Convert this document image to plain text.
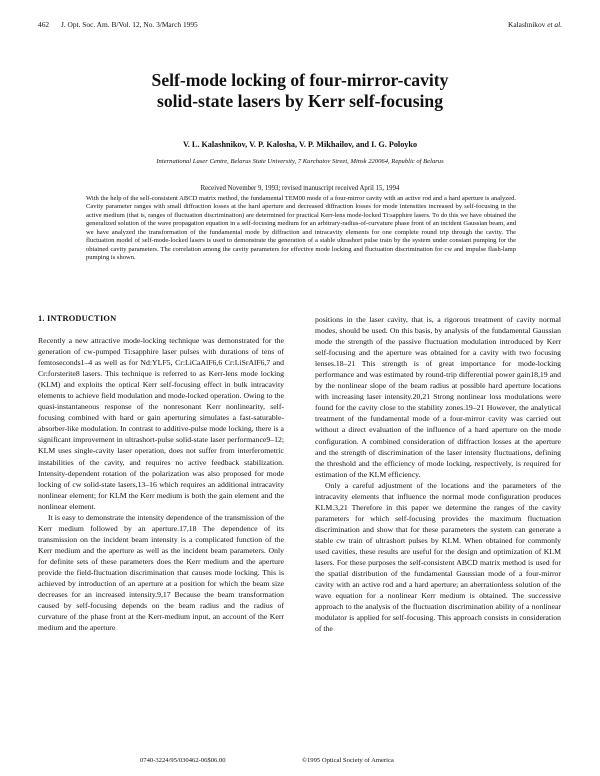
462 J. Opt. Soc. Am. B/Vol. 12, No. 3/March 1995	Kalashnikov et al.
Self-mode locking of four-mirror-cavity
solid-state lasers by Kerr self-focusing

V. L. Kalashnikov, V. P. Kalosha, V. P. Mikhailov, and I. G. Poloyko

International Laser Centre, Belarus State University, 7 Kurchatov Street, Minsk 220064, Republic of Belarus

Received November 9, 1993; revised manuscript received April 15, 1994

With the help of the self-consistent ABCD matrix method, the fundamental TEM00 mode of a four-mirror cavity with an active rod and a hard aperture is analyzed. Cavity parameter ranges with small diffraction losses at the hard aperture and decreased diffraction losses for mode intensities increased by self-focusing in the active medium (that is, ranges of fluctuation discrimination) are determined for practical Kerr-lens mode-locked Ti:sapphire lasers. To do this we have obtained the generalized solution of the wave propagation equation in a self-focusing medium for an arbitrary-radius-of-curvature phase front of an incident Gaussian beam, and we have analyzed the transformation of the fundamental mode by diffraction and intracavity elements for one complete round trip through the cavity. The fluctuation model of self-mode-locked lasers is used to demonstrate the generation of a stable ultrashort pulse train by the system under constant pumping for the obtained cavity parameters. The correlation among the cavity parameters for effective mode locking and fluctuation discrimination for cw and impulse flash-lamp pumping is shown.

1. INTRODUCTION

Recently a new attractive mode-locking technique was demonstrated for the generation of cw-pumped Ti:sapphire laser pulses with durations of tens of femtoseconds1–4 as well as for Nd:YLF5, Cr:LiCaAlF6,6 Cr:LiSrAlF6,7 and Cr:forsterite8 lasers. This technique is referred to as Kerr-lens mode locking (KLM) and exploits the optical Kerr self-focusing effect in bulk intracavity elements to achieve field modulation and mode-locked operation. Owing to the quasi-instantaneous response of the nonresonant Kerr nonlinearity, self-focusing combined with hard or gain aperturing simulates a fast-saturable-absorber-like modulation. In contrast to additive-pulse mode locking, there is a significant improvement in ultrashort-pulse solid-state laser performance9–12; KLM uses single-cavity laser operation, does not suffer from interferometric instabilities of the cavity, and requires no active feedback stabilization. Intensity-dependent rotation of the polarization was also proposed for mode locking of cw solid-state lasers,13–16 which requires an additional intracavity nonlinear element; for KLM the Kerr medium is both the gain element and the nonlinear element.

It is easy to demonstrate the intensity dependence of the transmission of the Kerr medium followed by an aperture.17,18 The dependence of its transmission on the incident beam intensity is a complicated function of the Kerr medium and the aperture as well as the incident beam parameters. Only for definite sets of these parameters does the Kerr medium and the aperture provide the field-fluctuation discrimination that causes mode locking. This is achieved by introduction of an aperture at a position for which the beam size decreases for an increased intensity.9,17 Because the beam transformation caused by self-focusing depends on the beam radius and the radius of curvature of the phase front at the Kerr-medium input, an account of the Kerr medium and the aperture

positions in the laser cavity, that is, a rigorous treatment of cavity normal modes, should be used. On this basis, by analysis of the fundamental Gaussian mode the strength of the passive fluctuation modulation introduced by Kerr self-focusing and the aperture was obtained for a cavity with two focusing lenses.18–21 This strength is of great importance for mode-locking performance and was estimated by round-trip differential power gain18,19 and by the nonlinear slope of the beam radius at possible hard aperture locations with increasing laser intensity.20,21 Strong nonlinear loss modulations were found for the cavity close to the stability zones.19–21 However, the analytical treatment of the fundamental mode of a four-mirror cavity was carried out without a direct evaluation of the influence of a hard aperture on the mode configuration. A combined consideration of diffraction losses at the aperture and the strength of discrimination of the laser intensity fluctuations, defining the threshold and the efficiency of mode locking, respectively, is required for estimation of the KLM efficiency.

Only a careful adjustment of the locations and the parameters of the intracavity elements that influence the normal mode configuration produces KLM.3,21 Therefore in this paper we determine the ranges of the cavity parameters for which self-focusing provides the maximum fluctuation discrimination and show that for these parameters the system can generate a stable cw train of ultrashort pulses by KLM. When obtained for commonly used cavities, these results are useful for the design and optimization of KLM lasers. For these purposes the self-consistent ABCD matrix method is used for the spatial distribution of the fundamental Gaussian mode of a four-mirror cavity with an active rod and a hard aperture; an aberrationless solution of the wave equation for a nonlinear Kerr medium is obtained. The successive approach to the analysis of the fluctuation discrimination ability of a nonlinear modulator is applied for self-focusing. This approach consists in consideration of the

0740-3224/95/030462-06$06.00	©1995 Optical Society of America
